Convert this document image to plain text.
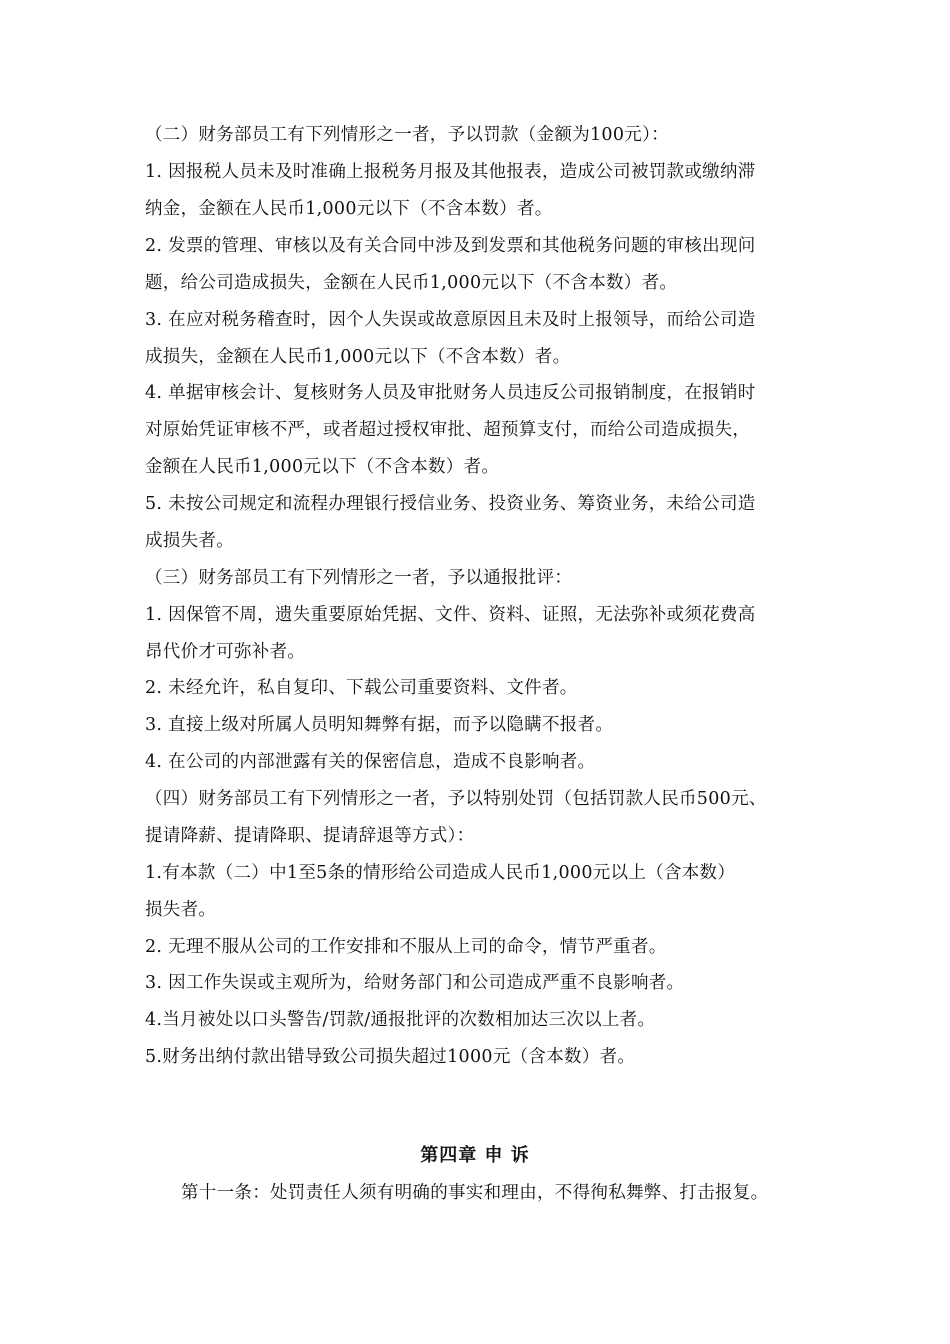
（二）财务部员工有下列情形之一者，予以罚款（金额为100元）：
1. 因报税人员未及时准确上报税务月报及其他报表，造成公司被罚款或缴纳滞
纳金，金额在人民币1,000元以下（不含本数）者。
2. 发票的管理、审核以及有关合同中涉及到发票和其他税务问题的审核出现问
题，给公司造成损失，金额在人民币1,000元以下（不含本数）者。
3. 在应对税务稽查时，因个人失误或故意原因且未及时上报领导，而给公司造
成损失，金额在人民币1,000元以下（不含本数）者。
4. 单据审核会计、复核财务人员及审批财务人员违反公司报销制度，在报销时
对原始凭证审核不严，或者超过授权审批、超预算支付，而给公司造成损失，
金额在人民币1,000元以下（不含本数）者。
5. 未按公司规定和流程办理银行授信业务、投资业务、筹资业务，未给公司造
成损失者。
（三）财务部员工有下列情形之一者，予以通报批评：
1. 因保管不周，遗失重要原始凭据、文件、资料、证照，无法弥补或须花费高
昂代价才可弥补者。
2. 未经允许，私自复印、下载公司重要资料、文件者。
3. 直接上级对所属人员明知舞弊有据，而予以隐瞒不报者。
4. 在公司的内部泄露有关的保密信息，造成不良影响者。
（四）财务部员工有下列情形之一者，予以特别处罚（包括罚款人民币500元、
提请降薪、提请降职、提请辞退等方式）：
1.有本款（二）中1至5条的情形给公司造成人民币1,000元以上（含本数）
损失者。
2. 无理不服从公司的工作安排和不服从上司的命令，情节严重者。
3. 因工作失误或主观所为，给财务部门和公司造成严重不良影响者。
4.当月被处以口头警告/罚款/通报批评的次数相加达三次以上者。
5.财务出纳付款出错导致公司损失超过1000元（含本数）者。
第四章 申 诉
第十一条：处罚责任人须有明确的事实和理由，不得徇私舞弊、打击报复。
